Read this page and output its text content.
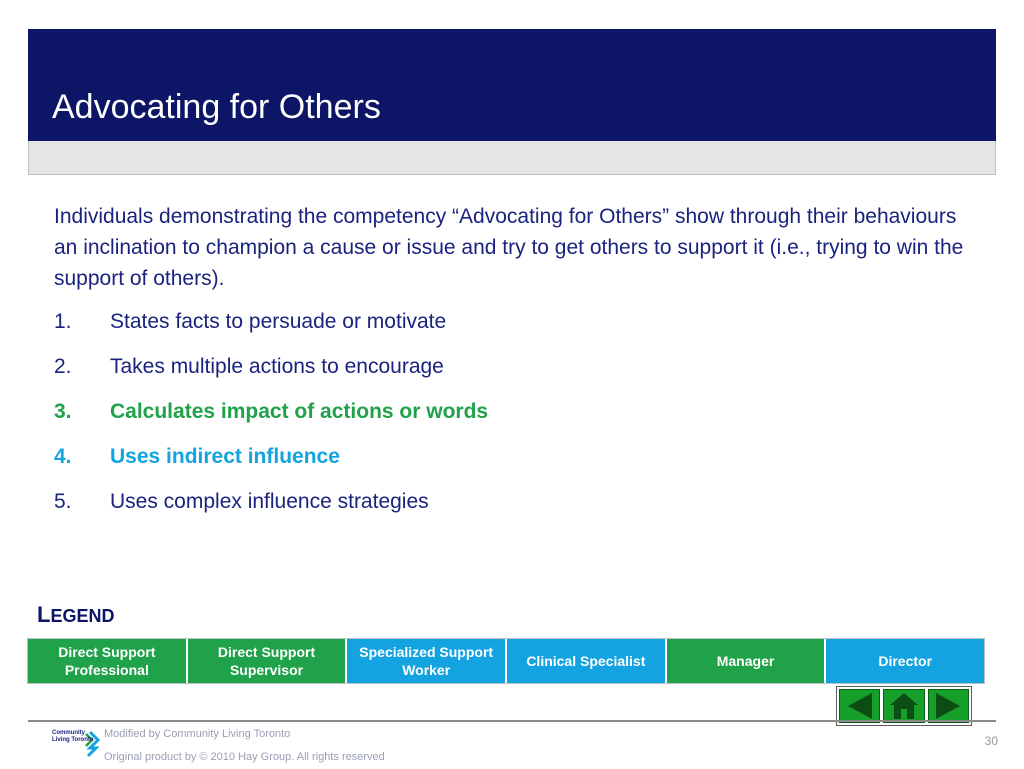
Advocating for Others
Individuals demonstrating the competency “Advocating for Others” show through their behaviours an inclination to champion a cause or issue and try to get others to support it (i.e., trying to win the support of others).
1. States facts to persuade or motivate
2. Takes multiple actions to encourage
3. Calculates impact of actions or words
4. Uses indirect influence
5. Uses complex influence strategies
LEGEND
Direct Support Professional
Direct Support Supervisor
Specialized Support Worker
Clinical Specialist	Manager	Director
Community Living Toronto Modified by Community Living Toronto
Original product by © 2010 Hay Group. All rights reserved
30
